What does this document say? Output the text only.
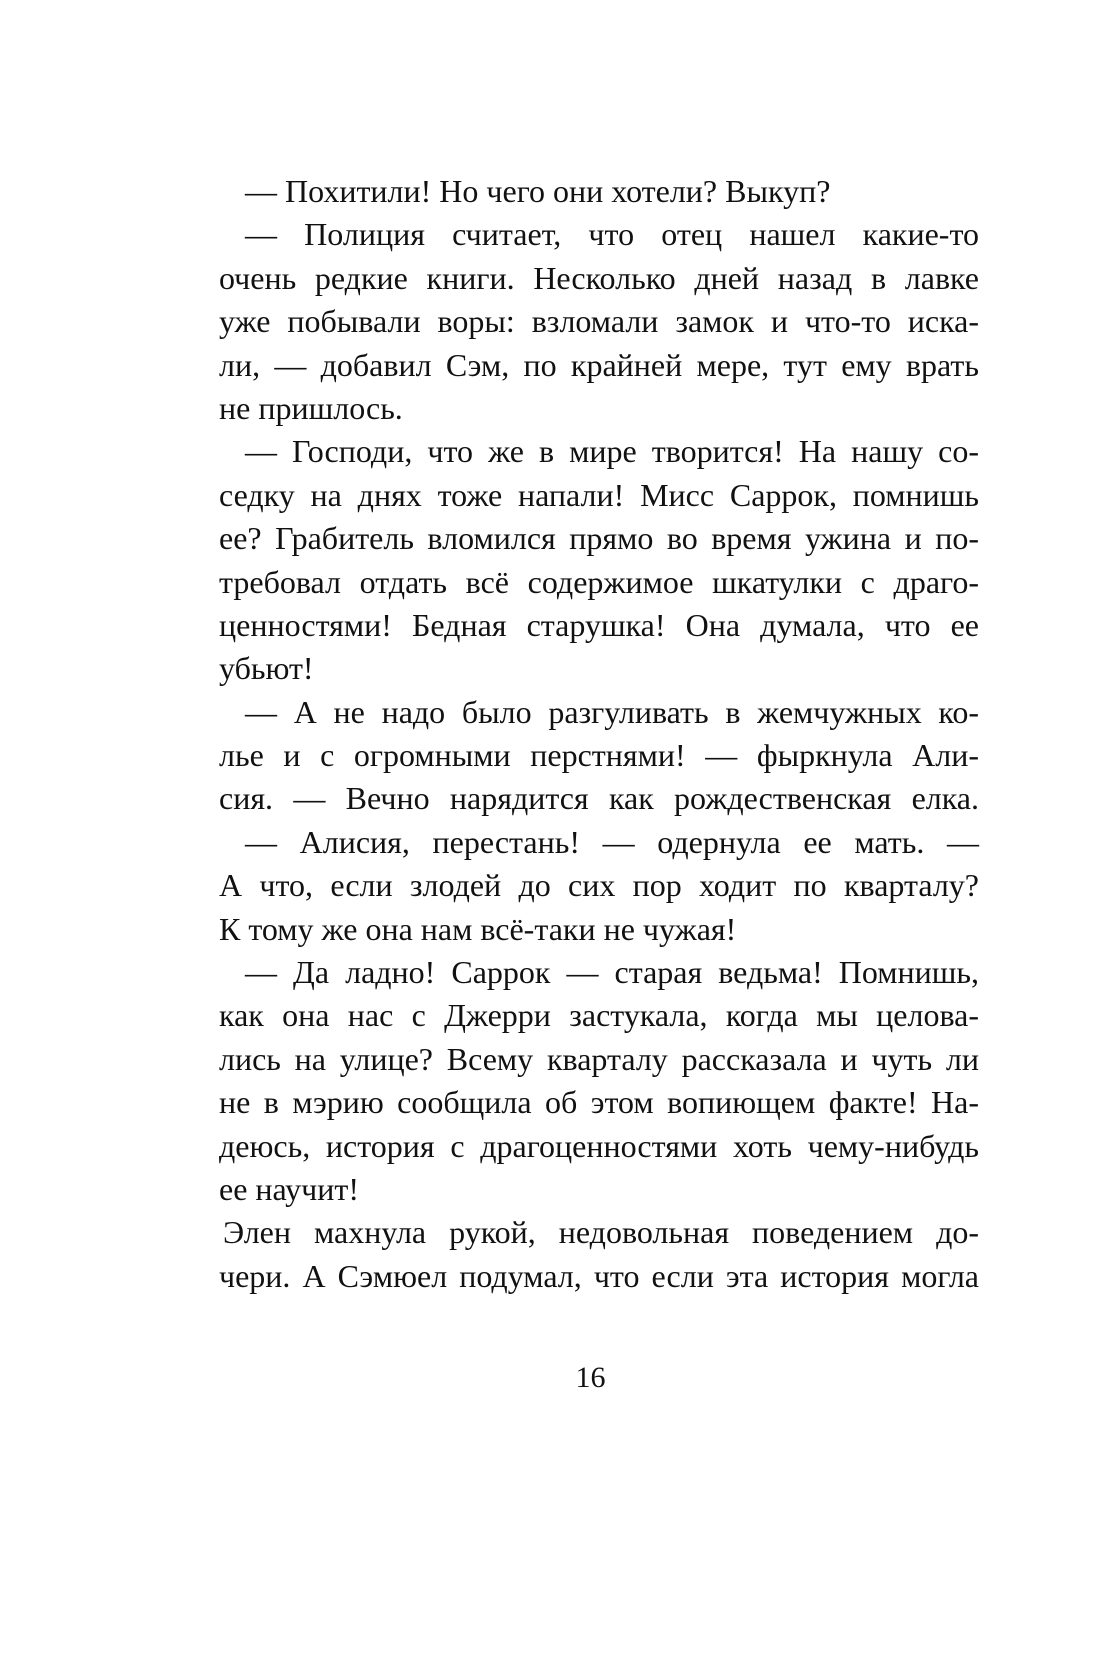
— Похитили! Но чего они хотели? Выкуп?
— Полиция считает, что отец нашел какие-то
очень редкие книги. Несколько дней назад в лавке
уже побывали воры: взломали замок и что-то иска-
ли, — добавил Сэм, по крайней мере, тут ему врать
не пришлось.
— Господи, что же в мире творится! На нашу со-
седку на днях тоже напали! Мисс Саррок, помнишь
ее? Грабитель вломился прямо во время ужина и по-
требовал отдать всё содержимое шкатулки с драго-
ценностями! Бедная старушка! Она думала, что ее
убьют!
— А не надо было разгуливать в жемчужных ко-
лье и с огромными перстнями! — фыркнула Али-
сия. — Вечно нарядится как рождественская елка.
— Алисия, перестань! — одернула ее мать. —
А что, если злодей до сих пор ходит по кварталу?
К тому же она нам всё-таки не чужая!
— Да ладно! Саррок — старая ведьма! Помнишь,
как она нас с Джерри застукала, когда мы целова-
лись на улице? Всему кварталу рассказала и чуть ли
не в мэрию сообщила об этом вопиющем факте! На-
деюсь, история с драгоценностями хоть чему-нибудь
ее научит!
Элен махнула рукой, недовольная поведением до-
чери. А Сэмюел подумал, что если эта история могла
16
